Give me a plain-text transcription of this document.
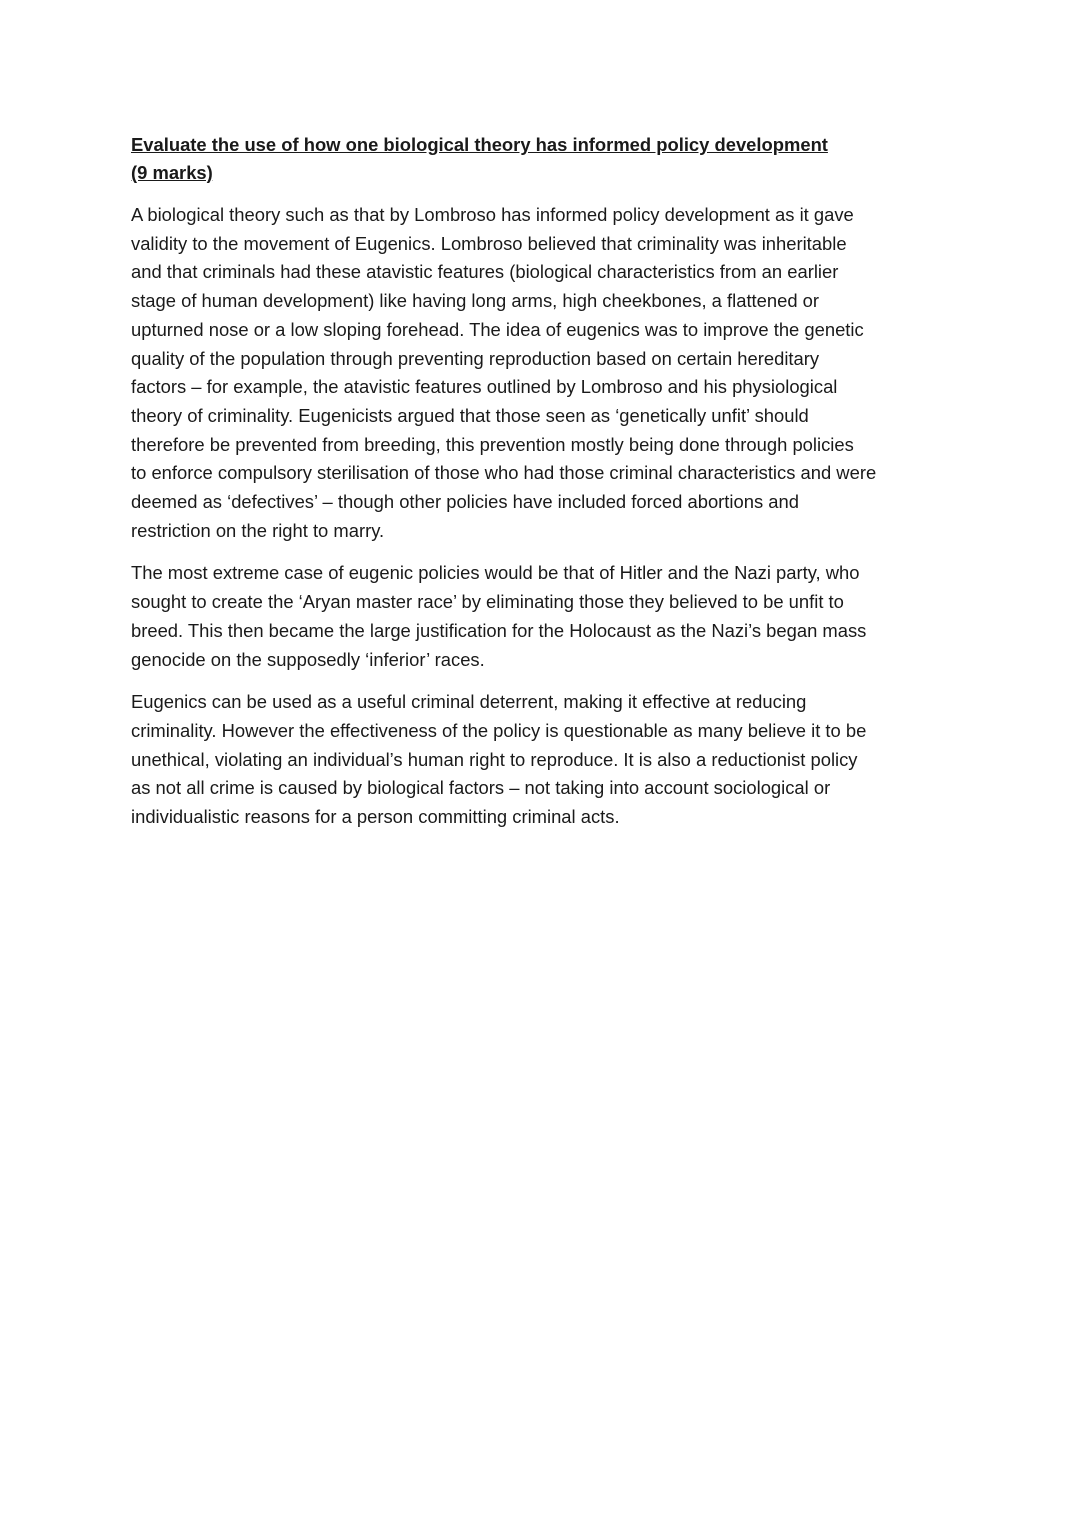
Evaluate the use of how one biological theory has informed policy development
(9 marks)

A biological theory such as that by Lombroso has informed policy development as it gave
validity to the movement of Eugenics. Lombroso believed that criminality was inheritable
and that criminals had these atavistic features (biological characteristics from an earlier
stage of human development) like having long arms, high cheekbones, a flattened or
upturned nose or a low sloping forehead. The idea of eugenics was to improve the genetic
quality of the population through preventing reproduction based on certain hereditary
factors – for example, the atavistic features outlined by Lombroso and his physiological
theory of criminality. Eugenicists argued that those seen as ‘genetically unfit’ should
therefore be prevented from breeding, this prevention mostly being done through policies
to enforce compulsory sterilisation of those who had those criminal characteristics and were
deemed as ‘defectives’ – though other policies have included forced abortions and
restriction on the right to marry.

The most extreme case of eugenic policies would be that of Hitler and the Nazi party, who
sought to create the ‘Aryan master race’ by eliminating those they believed to be unfit to
breed. This then became the large justification for the Holocaust as the Nazi’s began mass
genocide on the supposedly ‘inferior’ races.

Eugenics can be used as a useful criminal deterrent, making it effective at reducing
criminality. However the effectiveness of the policy is questionable as many believe it to be
unethical, violating an individual’s human right to reproduce. It is also a reductionist policy
as not all crime is caused by biological factors – not taking into account sociological or
individualistic reasons for a person committing criminal acts.
